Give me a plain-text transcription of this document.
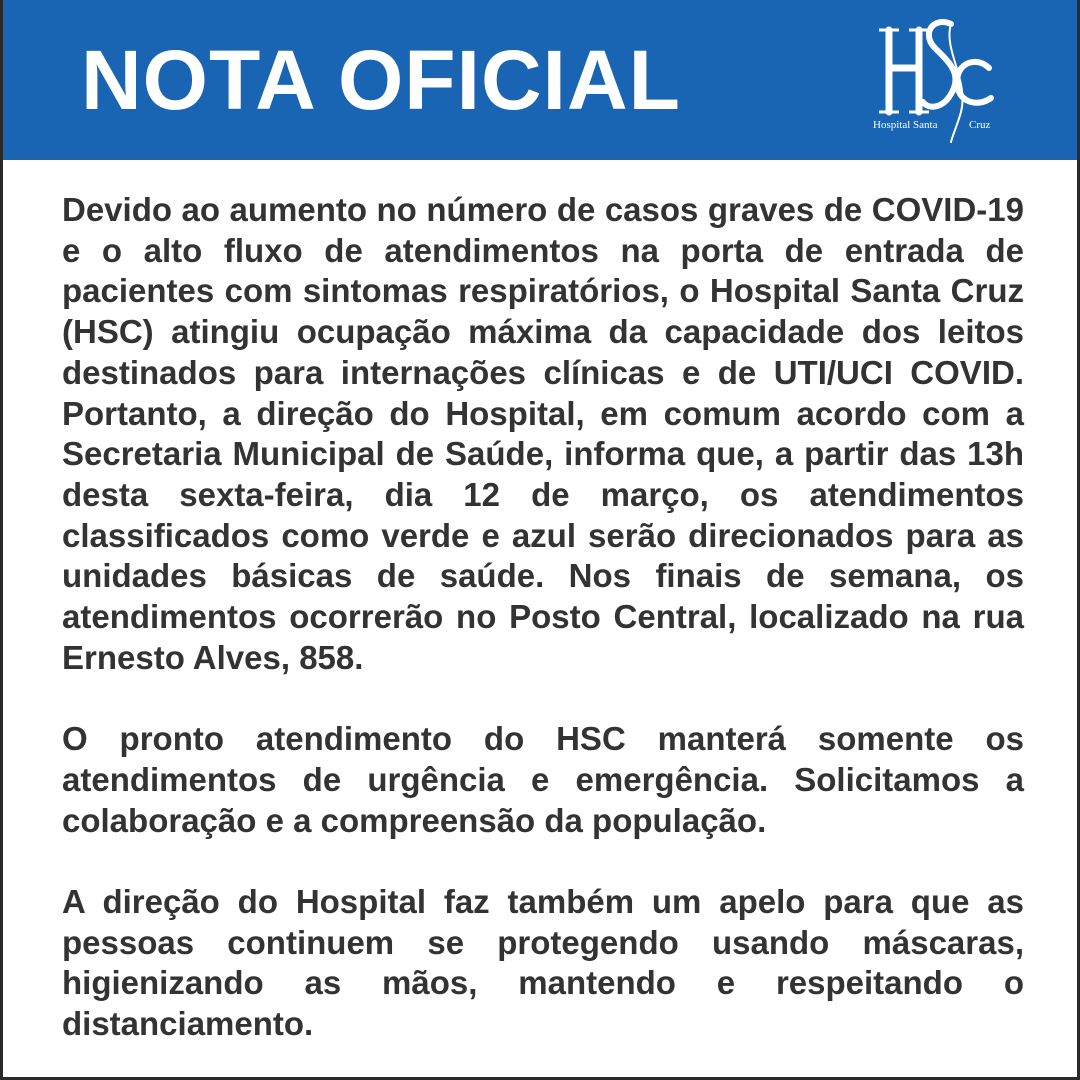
NOTA OFICIAL	Hospital Santa	Cruz

Devido ao aumento no número de casos graves de COVID-19 e o alto fluxo de atendimentos na porta de entrada de pacientes com sintomas respiratórios, o Hospital Santa Cruz (HSC) atingiu ocupação máxima da capacidade dos leitos destinados para internações clínicas e de UTI/UCI COVID. Portanto, a direção do Hospital, em comum acordo com a Secretaria Municipal de Saúde, informa que, a partir das 13h desta sexta-feira, dia 12 de março, os atendimentos classificados como verde e azul serão direcionados para as unidades básicas de saúde. Nos finais de semana, os atendimentos ocorrerão no Posto Central, localizado na rua Ernesto Alves, 858.

O pronto atendimento do HSC manterá somente os atendimentos de urgência e emergência. Solicitamos a colaboração e a compreensão da população.

A direção do Hospital faz também um apelo para que as pessoas continuem se protegendo usando máscaras, higienizando as mãos, mantendo e respeitando o distanciamento.
